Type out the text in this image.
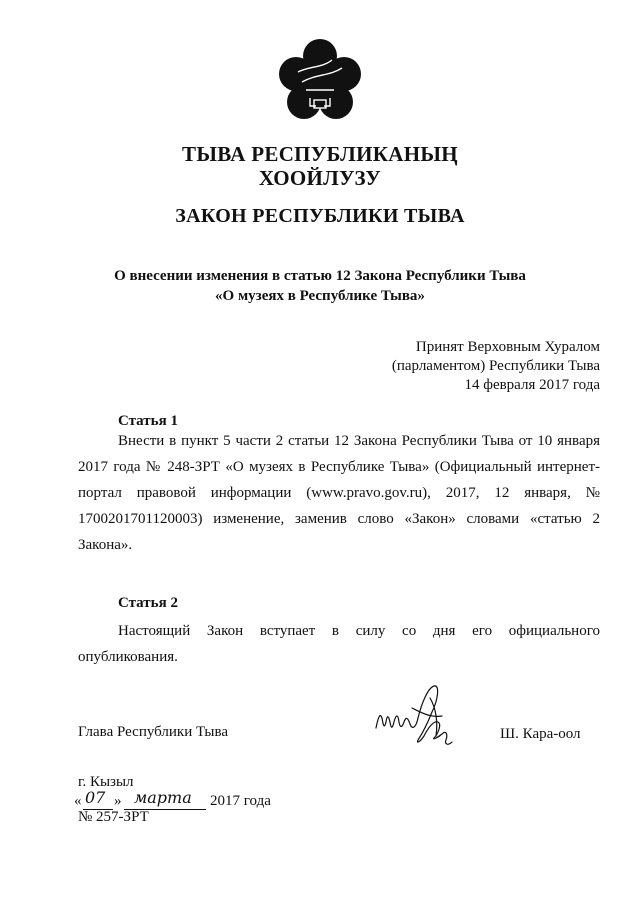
ТЫВА РЕСПУБЛИКАНЫҢ
ХООЙЛУЗУ
ЗАКОН РЕСПУБЛИКИ ТЫВА
О внесении изменения в статью 12 Закона Республики Тыва
«О музеях в Республике Тыва»
Принят Верховным Хуралом
(парламентом) Республики Тыва
14 февраля 2017 года
Статья 1
Внести в пункт 5 части 2 статьи 12 Закона Республики Тыва от 10 января 2017 года № 248-ЗРТ «О музеях в Республике Тыва» (Официальный интернет-портал правовой информации (www.pravo.gov.ru), 2017, 12 января, № 1700201701120003) изменение, заменив слово «Закон» словами «статью 2 Закона».
Статья 2
Настоящий Закон вступает в силу со дня его официального опубликования.
Глава Республики Тыва	Ш. Кара-оол
г. Кызыл
« 07 » марта 2017 года
№ 257-ЗРТ
